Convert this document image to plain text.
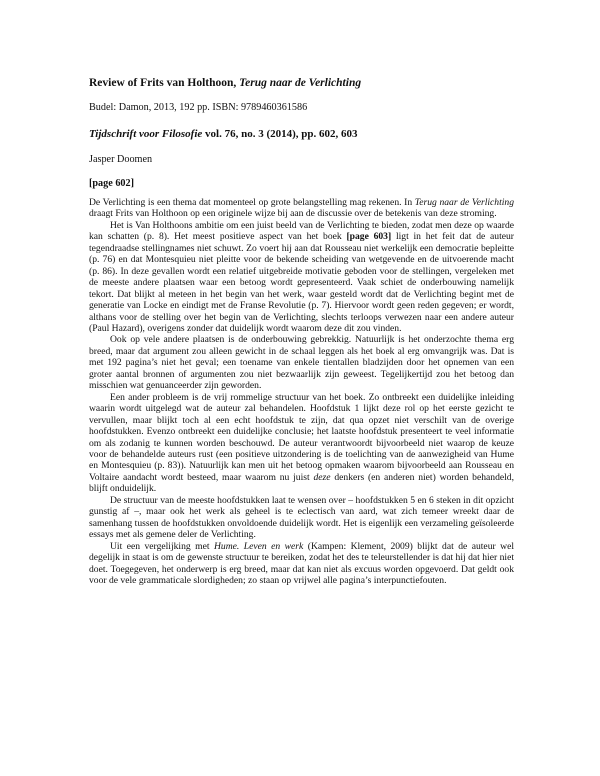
Review of Frits van Holthoon, Terug naar de Verlichting
Budel: Damon, 2013, 192 pp. ISBN: 9789460361586
Tijdschrift voor Filosofie vol. 76, no. 3 (2014), pp. 602, 603
Jasper Doomen
[page 602]

De Verlichting is een thema dat momenteel op grote belangstelling mag rekenen. In Terug naar de Verlichting draagt Frits van Holthoon op een originele wijze bij aan de discussie over de betekenis van deze stroming.

Het is Van Holthoons ambitie om een juist beeld van de Verlichting te bieden, zodat men deze op waarde kan schatten (p. 8). Het meest positieve aspect van het boek [page 603] ligt in het feit dat de auteur tegendraadse stellingnames niet schuwt. Zo voert hij aan dat Rousseau niet werkelijk een democratie bepleitte (p. 76) en dat Montesquieu niet pleitte voor de bekende scheiding van wetgevende en de uitvoerende macht (p. 86). In deze gevallen wordt een relatief uitgebreide motivatie geboden voor de stellingen, vergeleken met de meeste andere plaatsen waar een betoog wordt gepresenteerd. Vaak schiet de onderbouwing namelijk tekort. Dat blijkt al meteen in het begin van het werk, waar gesteld wordt dat de Verlichting begint met de generatie van Locke en eindigt met de Franse Revolutie (p. 7). Hiervoor wordt geen reden gegeven; er wordt, althans voor de stelling over het begin van de Verlichting, slechts terloops verwezen naar een andere auteur (Paul Hazard), overigens zonder dat duidelijk wordt waarom deze dit zou vinden.

Ook op vele andere plaatsen is de onderbouwing gebrekkig. Natuurlijk is het onderzochte thema erg breed, maar dat argument zou alleen gewicht in de schaal leggen als het boek al erg omvangrijk was. Dat is met 192 pagina’s niet het geval; een toename van enkele tientallen bladzijden door het opnemen van een groter aantal bronnen of argumenten zou niet bezwaarlijk zijn geweest. Tegelijkertijd zou het betoog dan misschien wat genuanceerder zijn geworden.

Een ander probleem is de vrij rommelige structuur van het boek. Zo ontbreekt een duidelijke inleiding waarin wordt uitgelegd wat de auteur zal behandelen. Hoofdstuk 1 lijkt deze rol op het eerste gezicht te vervullen, maar blijkt toch al een echt hoofdstuk te zijn, dat qua opzet niet verschilt van de overige hoofdstukken. Evenzo ontbreekt een duidelijke conclusie; het laatste hoofdstuk presenteert te veel informatie om als zodanig te kunnen worden beschouwd. De auteur verantwoordt bijvoorbeeld niet waarop de keuze voor de behandelde auteurs rust (een positieve uitzondering is de toelichting van de aanwezigheid van Hume en Montesquieu (p. 83)). Natuurlijk kan men uit het betoog opmaken waarom bijvoorbeeld aan Rousseau en Voltaire aandacht wordt besteed, maar waarom nu juist deze denkers (en anderen niet) worden behandeld, blijft onduidelijk.

De structuur van de meeste hoofdstukken laat te wensen over – hoofdstukken 5 en 6 steken in dit opzicht gunstig af –, maar ook het werk als geheel is te eclectisch van aard, wat zich temeer wreekt daar de samenhang tussen de hoofdstukken onvoldoende duidelijk wordt. Het is eigenlijk een verzameling geïsoleerde essays met als gemene deler de Verlichting.

Uit een vergelijking met Hume. Leven en werk (Kampen: Klement, 2009) blijkt dat de auteur wel degelijk in staat is om de gewenste structuur te bereiken, zodat het des te teleurstellender is dat hij dat hier niet doet. Toegegeven, het onderwerp is erg breed, maar dat kan niet als excuus worden opgevoerd. Dat geldt ook voor de vele grammaticale slordigheden; zo staan op vrijwel alle pagina’s interpunctiefouten.
